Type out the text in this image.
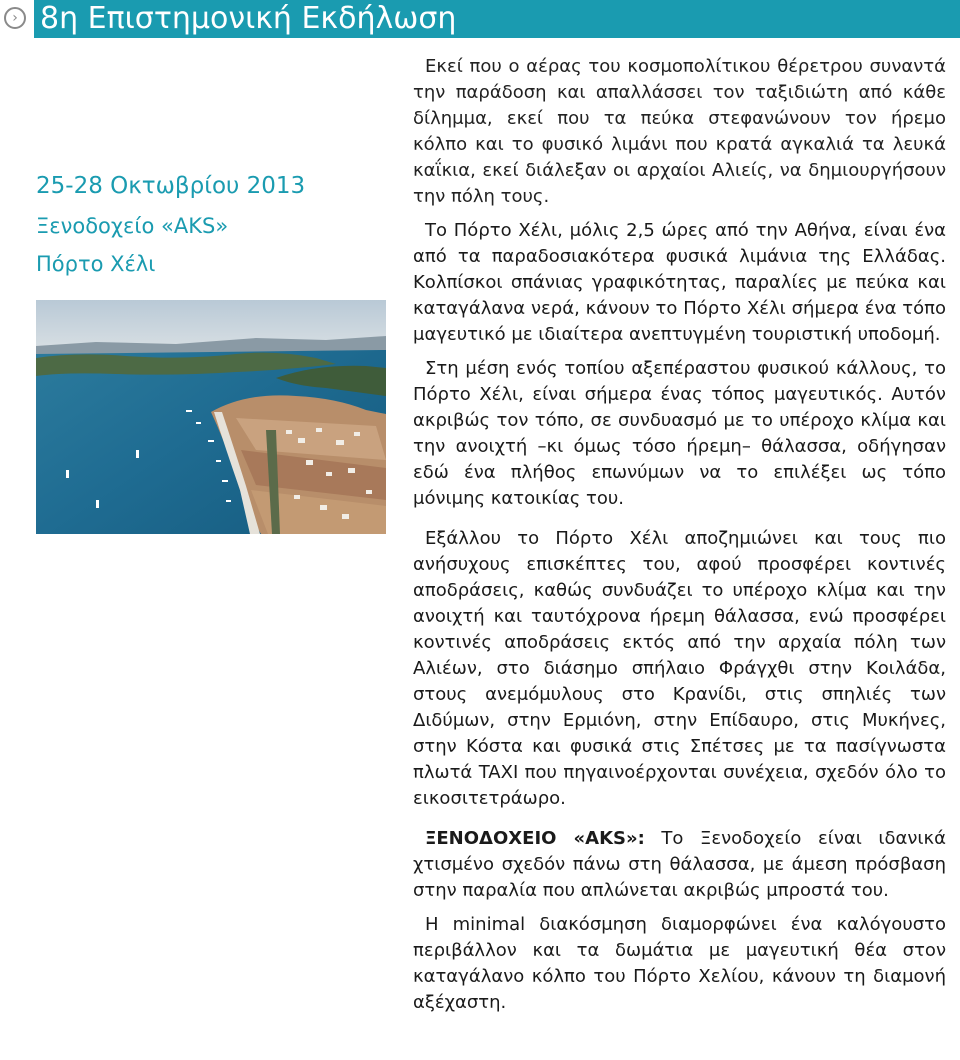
› 8η Επιστημονική Εκδήλωση
25-28 Οκτωβρίου 2013
Ξενοδοχείο «AKS»
Πόρτο Χέλι

Εκεί που ο αέρας του κοσμοπολίτικου θέρετρου συναντά την παράδοση και απαλλάσσει τον ταξιδιώτη από κάθε δίλημμα, εκεί που τα πεύκα στεφανώνουν τον ήρεμο κόλπο και το φυσικό λιμάνι που κρατά αγκαλιά τα λευκά καΐκια, εκεί διάλεξαν οι αρχαίοι Αλιείς, να δημιουργήσουν την πόλη τους.

Το Πόρτο Χέλι, μόλις 2,5 ώρες από την Αθήνα, είναι ένα από τα παραδοσιακότερα φυσικά λιμάνια της Ελλάδας. Κολπίσκοι σπάνιας γραφικότητας, παραλίες με πεύκα και καταγάλανα νερά, κάνουν το Πόρτο Χέλι σήμερα ένα τόπο μαγευτικό με ιδιαίτερα ανεπτυγμένη τουριστική υποδομή.

Στη μέση ενός τοπίου αξεπέραστου φυσικού κάλλους, το Πόρτο Χέλι, είναι σήμερα ένας τόπος μαγευτικός. Αυτόν ακριβώς τον τόπο, σε συνδυασμό με το υπέροχο κλίμα και την ανοιχτή –κι όμως τόσο ήρεμη– θάλασσα, οδήγησαν εδώ ένα πλήθος επωνύμων να το επιλέξει ως τόπο μόνιμης κατοικίας του.

Εξάλλου το Πόρτο Χέλι αποζημιώνει και τους πιο ανήσυχους επισκέπτες του, αφού προσφέρει κοντινές αποδράσεις, καθώς συνδυάζει το υπέροχο κλίμα και την ανοιχτή και ταυτόχρονα ήρεμη θάλασσα, ενώ προσφέρει κοντινές αποδράσεις εκτός από την αρχαία πόλη των Αλιέων, στο διάσημο σπήλαιο Φράγχθι στην Κοιλάδα, στους ανεμόμυλους στο Κρανίδι, στις σπηλιές των Διδύμων, στην Ερμιόνη, στην Επίδαυρο, στις Μυκήνες, στην Κόστα και φυσικά στις Σπέτσες με τα πασίγνωστα πλωτά TAXI που πηγαινοέρχονται συνέχεια, σχεδόν όλο το εικοσιτετράωρο.

ΞΕΝΟΔΟΧΕΙΟ «AKS»: Το Ξενοδοχείο είναι ιδανικά χτισμένο σχεδόν πάνω στη θάλασσα, με άμεση πρόσβαση στην παραλία που απλώνεται ακριβώς μπροστά του.

Η minimal διακόσμηση διαμορφώνει ένα καλόγουστο περιβάλλον και τα δωμάτια με μαγευτική θέα στον καταγάλανο κόλπο του Πόρτο Χελίου, κάνουν τη διαμονή αξέχαστη.
